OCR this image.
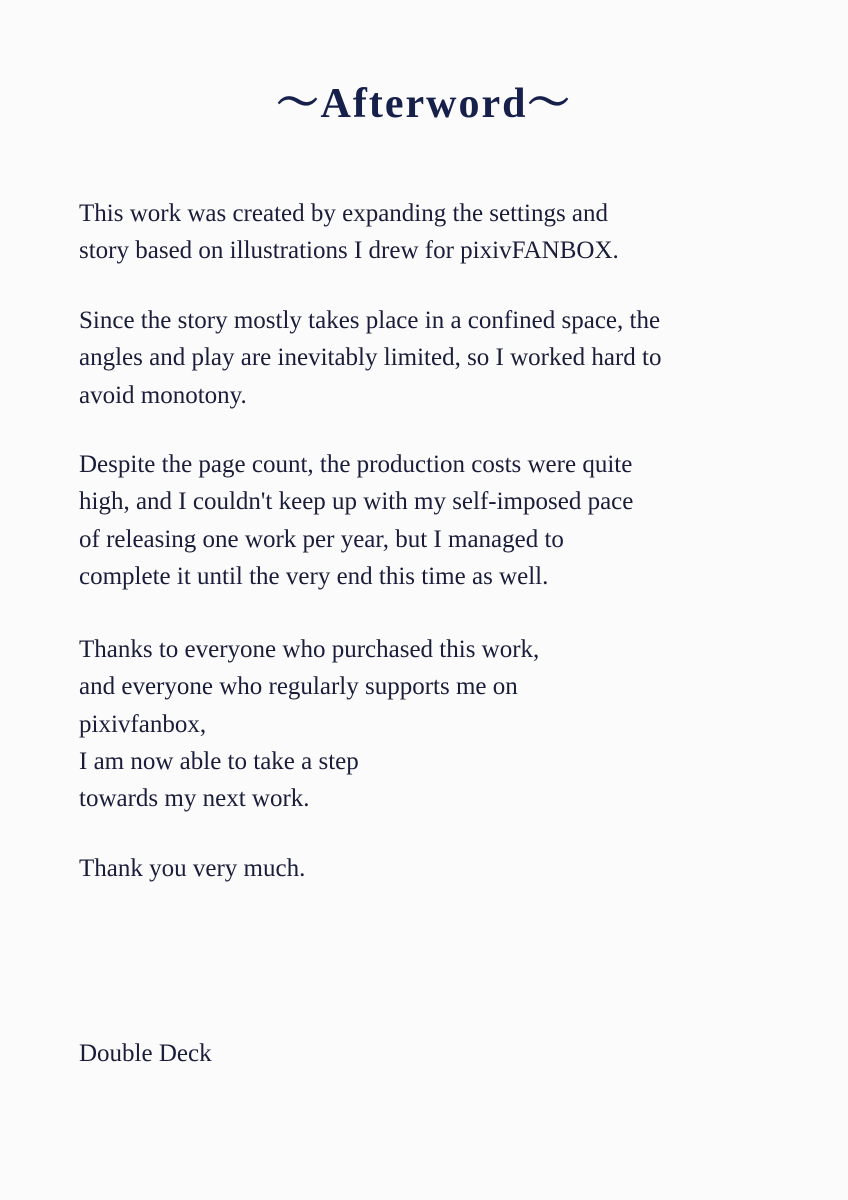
〜Afterword〜

This work was created by expanding the settings and
story based on illustrations I drew for pixivFANBOX.

Since the story mostly takes place in a confined space, the
angles and play are inevitably limited, so I worked hard to
avoid monotony.

Despite the page count, the production costs were quite
high, and I couldn't keep up with my self-imposed pace
of releasing one work per year, but I managed to
complete it until the very end this time as well.

Thanks to everyone who purchased this work,
and everyone who regularly supports me on
pixivfanbox,
I am now able to take a step
towards my next work.

Thank you very much.

Double Deck
